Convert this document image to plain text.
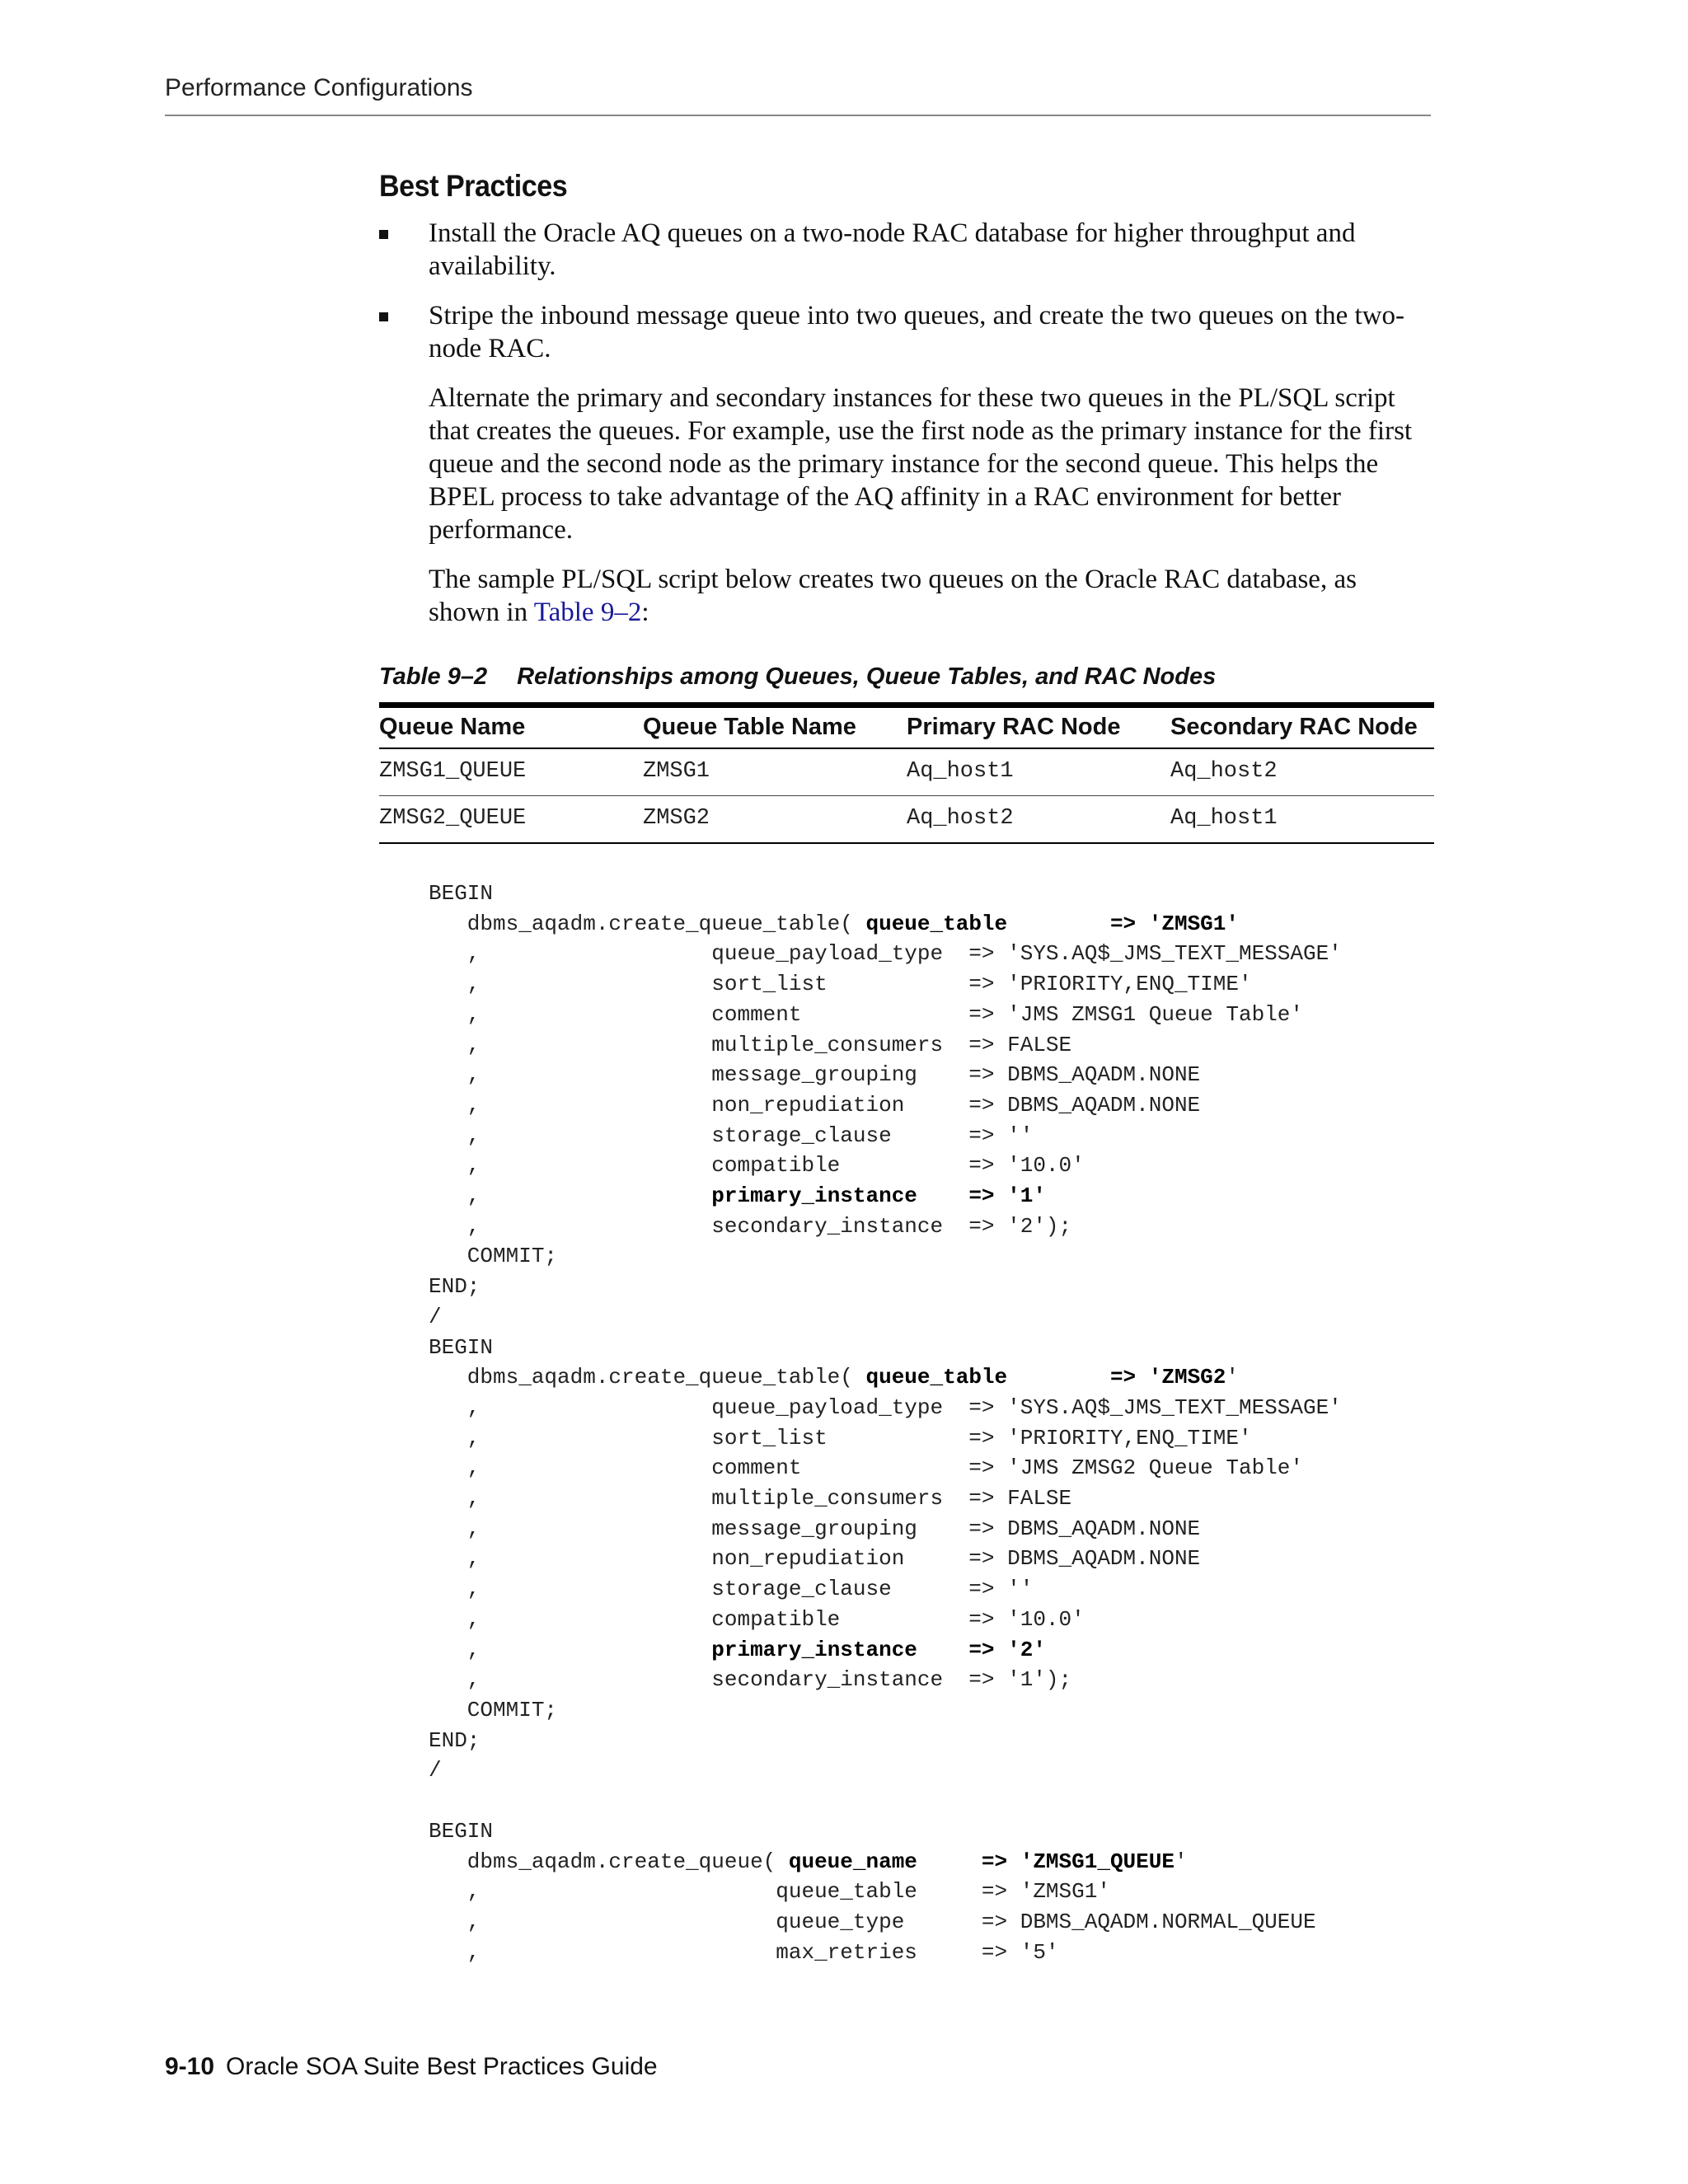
Performance Configurations
Best Practices

Install the Oracle AQ queues on a two-node RAC database for higher throughput and availability.

Stripe the inbound message queue into two queues, and create the two queues on the two-node RAC.

Alternate the primary and secondary instances for these two queues in the PL/SQL script that creates the queues. For example, use the first node as the primary instance for the first queue and the second node as the primary instance for the second queue. This helps the BPEL process to take advantage of the AQ affinity in a RAC environment for better performance.

The sample PL/SQL script below creates two queues on the Oracle RAC database, as shown in Table 9–2:

Table 9–2 Relationships among Queues, Queue Tables, and RAC Nodes
Queue Name	Queue Table Name	Primary RAC Node	Secondary RAC Node
ZMSG1_QUEUE	ZMSG1	Aq_host1	Aq_host2
ZMSG2_QUEUE	ZMSG2	Aq_host2	Aq_host1
BEGIN
dbms_aqadm.create_queue_table( queue_table        => 'ZMSG1'
,                  queue_payload_type  => 'SYS.AQ$_JMS_TEXT_MESSAGE'
,                  sort_list           => 'PRIORITY,ENQ_TIME'
,                  comment             => 'JMS ZMSG1 Queue Table'
,                  multiple_consumers  => FALSE
,                  message_grouping    => DBMS_AQADM.NONE
,                  non_repudiation     => DBMS_AQADM.NONE
,                  storage_clause      => ''
,                  compatible          => '10.0'
,                  primary_instance    => '1'
,                  secondary_instance  => '2');
COMMIT;
END;
/
BEGIN
dbms_aqadm.create_queue_table( queue_table        => 'ZMSG2'
,                  queue_payload_type  => 'SYS.AQ$_JMS_TEXT_MESSAGE'
,                  sort_list           => 'PRIORITY,ENQ_TIME'
,                  comment             => 'JMS ZMSG2 Queue Table'
,                  multiple_consumers  => FALSE
,                  message_grouping    => DBMS_AQADM.NONE
,                  non_repudiation     => DBMS_AQADM.NONE
,                  storage_clause      => ''
,                  compatible          => '10.0'
,                  primary_instance    => '2'
,                  secondary_instance  => '1');
COMMIT;
END;
/

BEGIN
dbms_aqadm.create_queue( queue_name     => 'ZMSG1_QUEUE'
,                       queue_table     => 'ZMSG1'
,                       queue_type      => DBMS_AQADM.NORMAL_QUEUE
,                       max_retries     => '5'
9-10 Oracle SOA Suite Best Practices Guide
